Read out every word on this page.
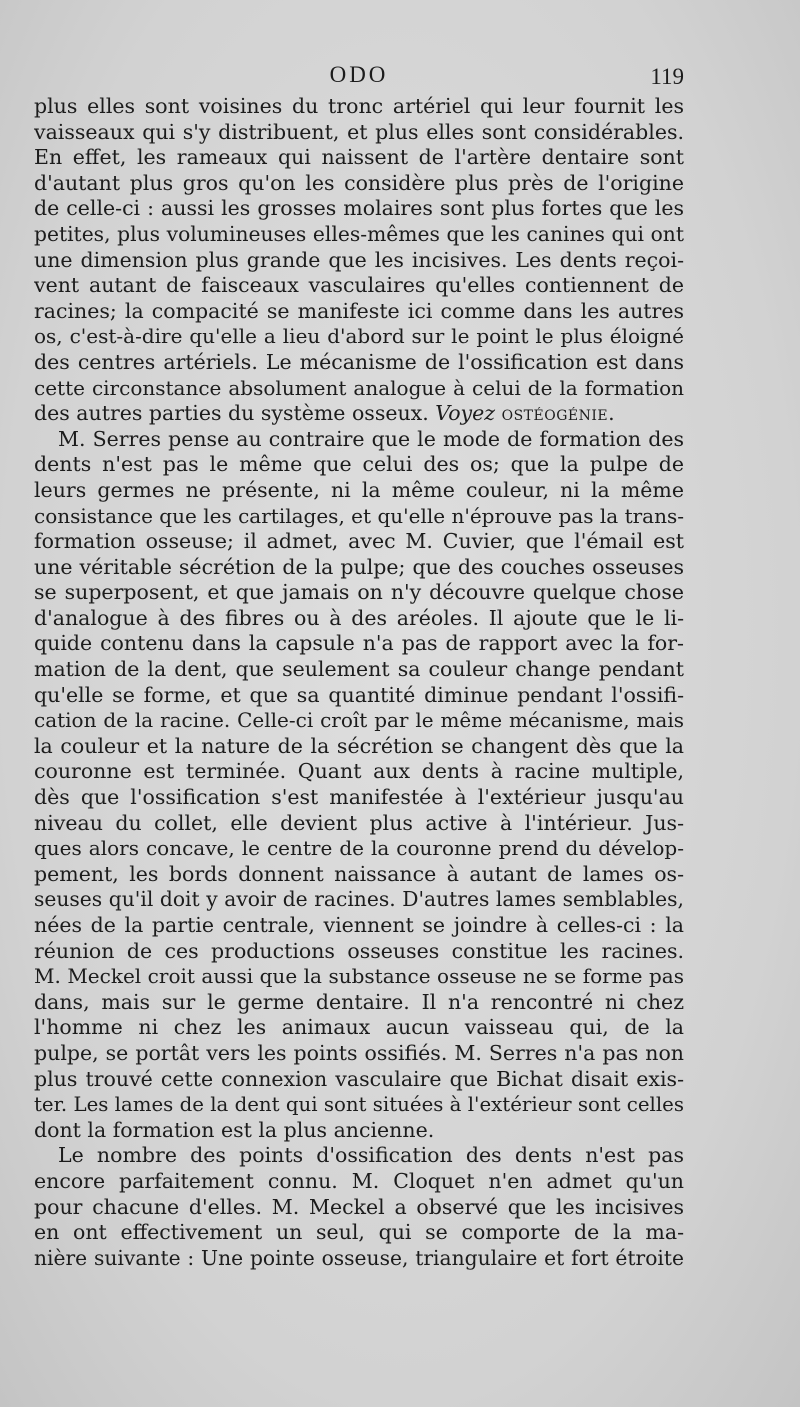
ODO	119
plus elles sont voisines du tronc artériel qui leur fournit les
vaisseaux qui s'y distribuent, et plus elles sont considérables.
En effet, les rameaux qui naissent de l'artère dentaire sont
d'autant plus gros qu'on les considère plus près de l'origine
de celle-ci : aussi les grosses molaires sont plus fortes que les
petites, plus volumineuses elles-mêmes que les canines qui ont
une dimension plus grande que les incisives. Les dents reçoi-
vent autant de faisceaux vasculaires qu'elles contiennent de
racines; la compacité se manifeste ici comme dans les autres
os, c'est-à-dire qu'elle a lieu d'abord sur le point le plus éloigné
des centres artériels. Le mécanisme de l'ossification est dans
cette circonstance absolument analogue à celui de la formation
des autres parties du système osseux. Voyez ostéogénie.
M. Serres pense au contraire que le mode de formation des
dents n'est pas le même que celui des os; que la pulpe de
leurs germes ne présente, ni la même couleur, ni la même
consistance que les cartilages, et qu'elle n'éprouve pas la trans-
formation osseuse; il admet, avec M. Cuvier, que l'émail est
une véritable sécrétion de la pulpe; que des couches osseuses
se superposent, et que jamais on n'y découvre quelque chose
d'analogue à des fibres ou à des aréoles. Il ajoute que le li-
quide contenu dans la capsule n'a pas de rapport avec la for-
mation de la dent, que seulement sa couleur change pendant
qu'elle se forme, et que sa quantité diminue pendant l'ossifi-
cation de la racine. Celle-ci croît par le même mécanisme, mais
la couleur et la nature de la sécrétion se changent dès que la
couronne est terminée. Quant aux dents à racine multiple,
dès que l'ossification s'est manifestée à l'extérieur jusqu'au
niveau du collet, elle devient plus active à l'intérieur. Jus-
ques alors concave, le centre de la couronne prend du dévelop-
pement, les bords donnent naissance à autant de lames os-
seuses qu'il doit y avoir de racines. D'autres lames semblables,
nées de la partie centrale, viennent se joindre à celles-ci : la
réunion de ces productions osseuses constitue les racines.
M. Meckel croit aussi que la substance osseuse ne se forme pas
dans, mais sur le germe dentaire. Il n'a rencontré ni chez
l'homme ni chez les animaux aucun vaisseau qui, de la
pulpe, se portât vers les points ossifiés. M. Serres n'a pas non
plus trouvé cette connexion vasculaire que Bichat disait exis-
ter. Les lames de la dent qui sont situées à l'extérieur sont celles
dont la formation est la plus ancienne.
Le nombre des points d'ossification des dents n'est pas
encore parfaitement connu. M. Cloquet n'en admet qu'un
pour chacune d'elles. M. Meckel a observé que les incisives
en ont effectivement un seul, qui se comporte de la ma-
nière suivante : Une pointe osseuse, triangulaire et fort étroite
